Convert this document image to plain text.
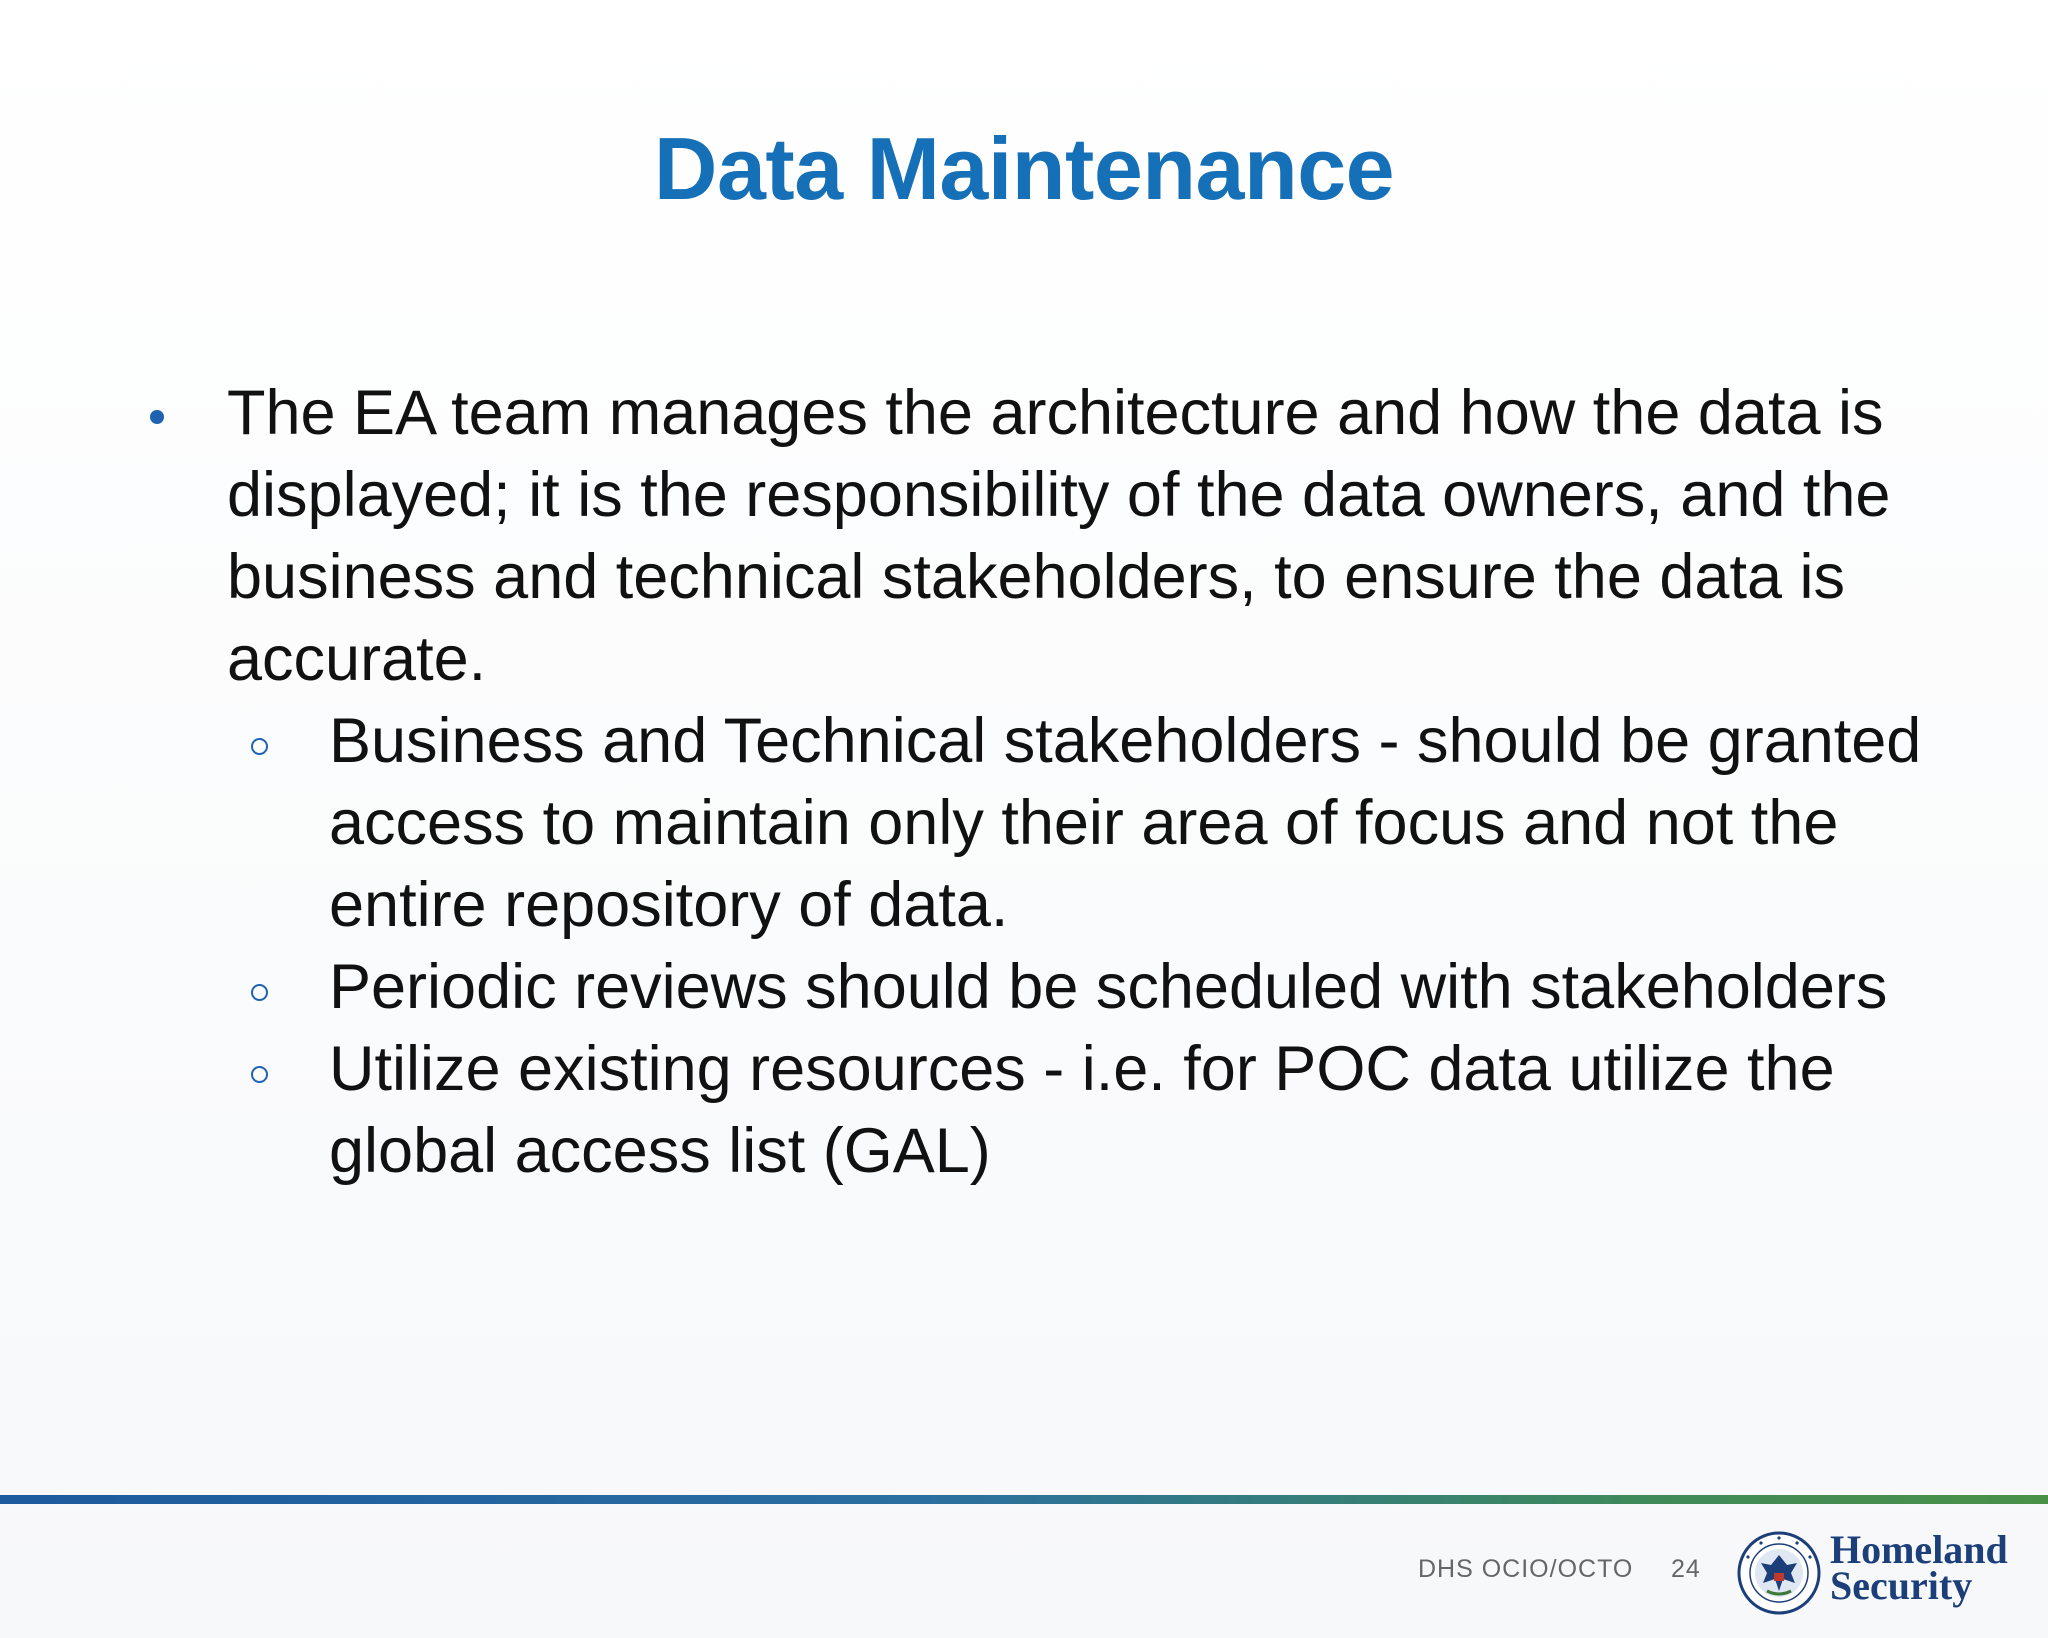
Data Maintenance

The EA team manages the architecture and how the data is displayed; it is the responsibility of the data owners, and the business and technical stakeholders, to ensure the data is accurate.

Business and Technical stakeholders - should be granted access to maintain only their area of focus and not the entire repository of data.

Periodic reviews should be scheduled with stakeholders

Utilize existing resources - i.e. for POC data utilize the global access list (GAL)

DHS OCIO/OCTO 24	Homeland
Security
